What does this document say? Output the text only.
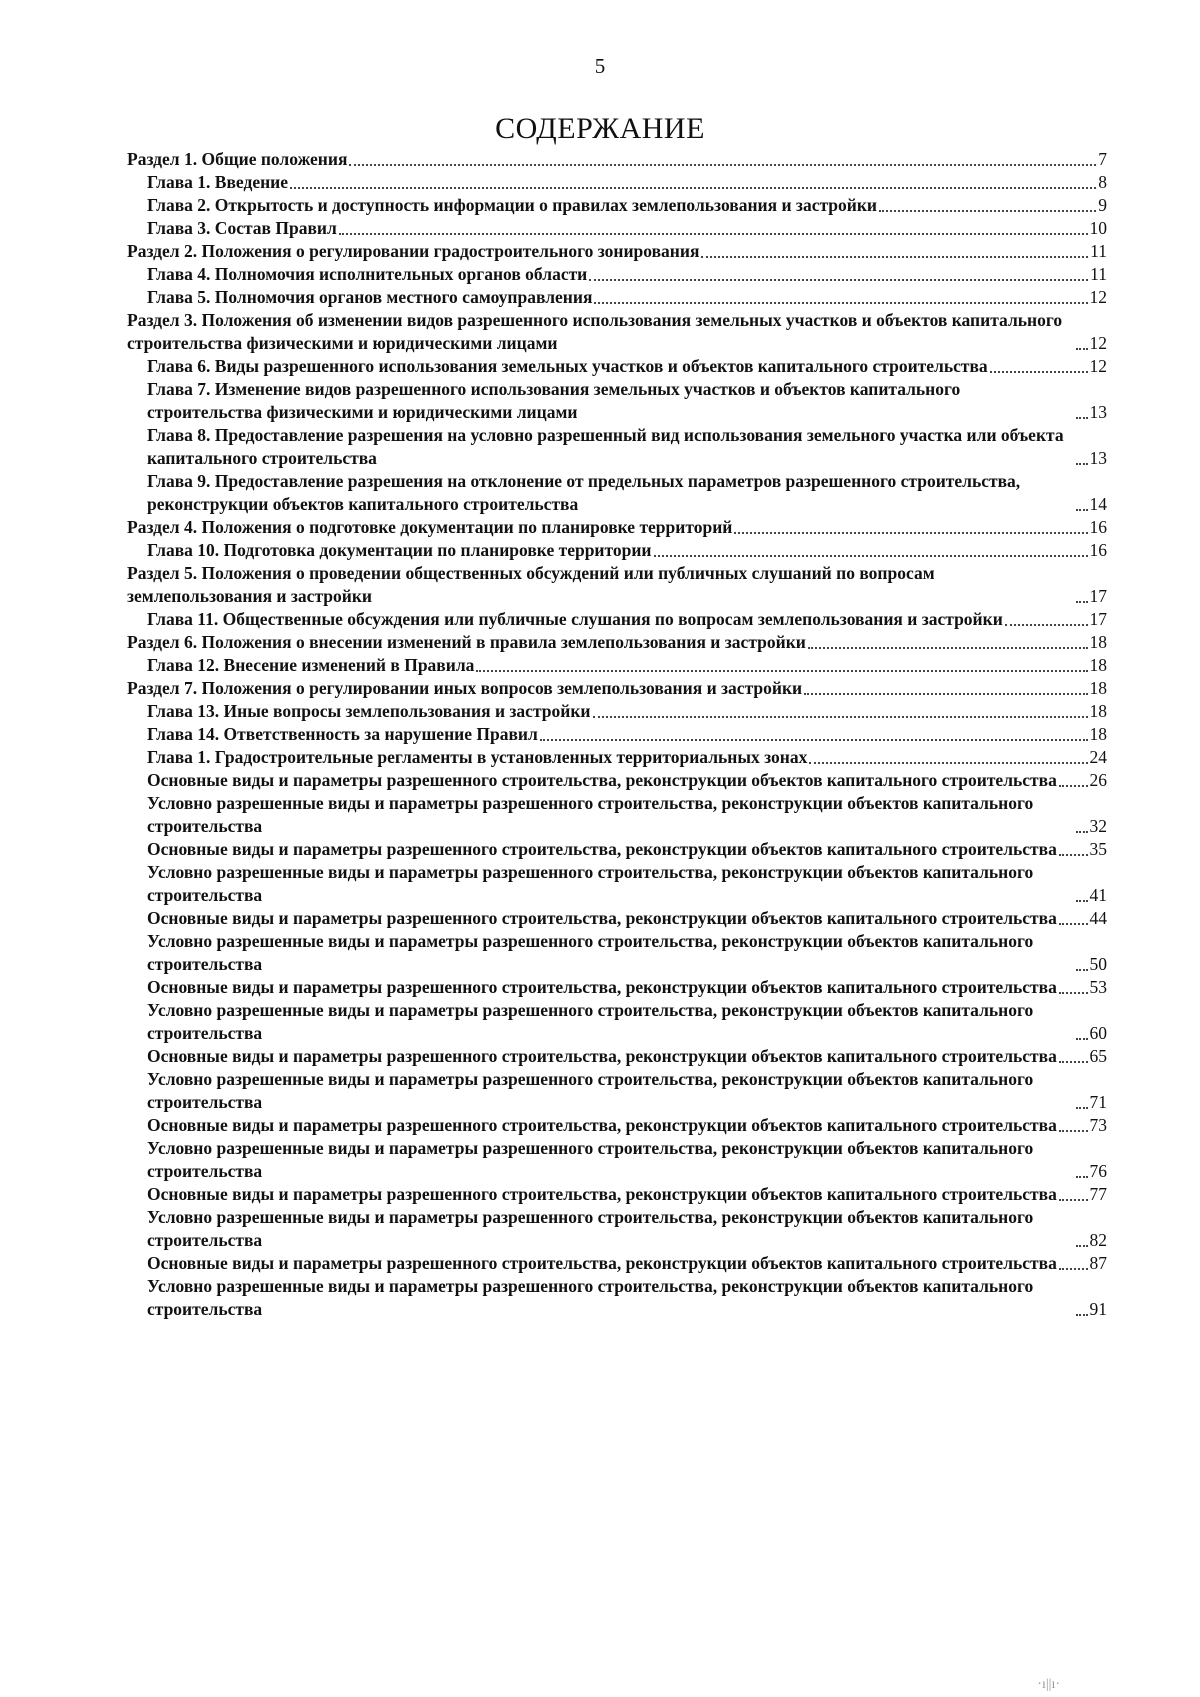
5
СОДЕРЖАНИЕ
Раздел 1. Общие положения	7
Глава 1. Введение	8
Глава 2. Открытость и доступность информации о правилах землепользования и застройки	9
Глава 3. Состав Правил	10
Раздел 2. Положения о регулировании градостроительного зонирования	11
Глава 4. Полномочия исполнительных органов области	11
Глава 5. Полномочия органов местного самоуправления	12
Раздел 3. Положения об изменении видов разрешенного использования земельных участков и объектов капитального строительства физическими и юридическими лицами	12
Глава 6. Виды разрешенного использования земельных участков и объектов капитального строительства	12
Глава 7. Изменение видов разрешенного использования земельных участков и объектов капитального строительства физическими и юридическими лицами	13
Глава 8. Предоставление разрешения на условно разрешенный вид использования земельного участка или объекта капитального строительства	13
Глава 9. Предоставление разрешения на отклонение от предельных параметров разрешенного строительства, реконструкции объектов капитального строительства	14
Раздел 4. Положения о подготовке документации по планировке территорий	16
Глава 10. Подготовка документации по планировке территории	16
Раздел 5. Положения о проведении общественных обсуждений или публичных слушаний по вопросам землепользования и застройки	17
Глава 11. Общественные обсуждения или публичные слушания по вопросам землепользования и застройки	17
Раздел 6. Положения о внесении изменений в правила землепользования и застройки	18
Глава 12. Внесение изменений в Правила	18
Раздел 7. Положения о регулировании иных вопросов землепользования и застройки	18
Глава 13. Иные вопросы землепользования и застройки	18
Глава 14. Ответственность за нарушение Правил	18
Глава 1. Градостроительные регламенты в установленных территориальных зонах	24
Основные виды и параметры разрешенного строительства, реконструкции объектов капитального строительства 26
Условно разрешенные виды и параметры разрешенного строительства, реконструкции объектов капитального строительства	32
Основные виды и параметры разрешенного строительства, реконструкции объектов капитального строительства 35
Условно разрешенные виды и параметры разрешенного строительства, реконструкции объектов капитального строительства	41
Основные виды и параметры разрешенного строительства, реконструкции объектов капитального строительства 44
Условно разрешенные виды и параметры разрешенного строительства, реконструкции объектов капитального строительства	50
Основные виды и параметры разрешенного строительства, реконструкции объектов капитального строительства 53
Условно разрешенные виды и параметры разрешенного строительства, реконструкции объектов капитального строительства	60
Основные виды и параметры разрешенного строительства, реконструкции объектов капитального строительства 65
Условно разрешенные виды и параметры разрешенного строительства, реконструкции объектов капитального строительства	71
Основные виды и параметры разрешенного строительства, реконструкции объектов капитального строительства 73
Условно разрешенные виды и параметры разрешенного строительства, реконструкции объектов капитального строительства	76
Основные виды и параметры разрешенного строительства, реконструкции объектов капитального строительства 77
Условно разрешенные виды и параметры разрешенного строительства, реконструкции объектов капитального строительства	82
Основные виды и параметры разрешенного строительства, реконструкции объектов капитального строительства 87
Условно разрешенные виды и параметры разрешенного строительства, реконструкции объектов капитального строительства	91
·ı||ı·
